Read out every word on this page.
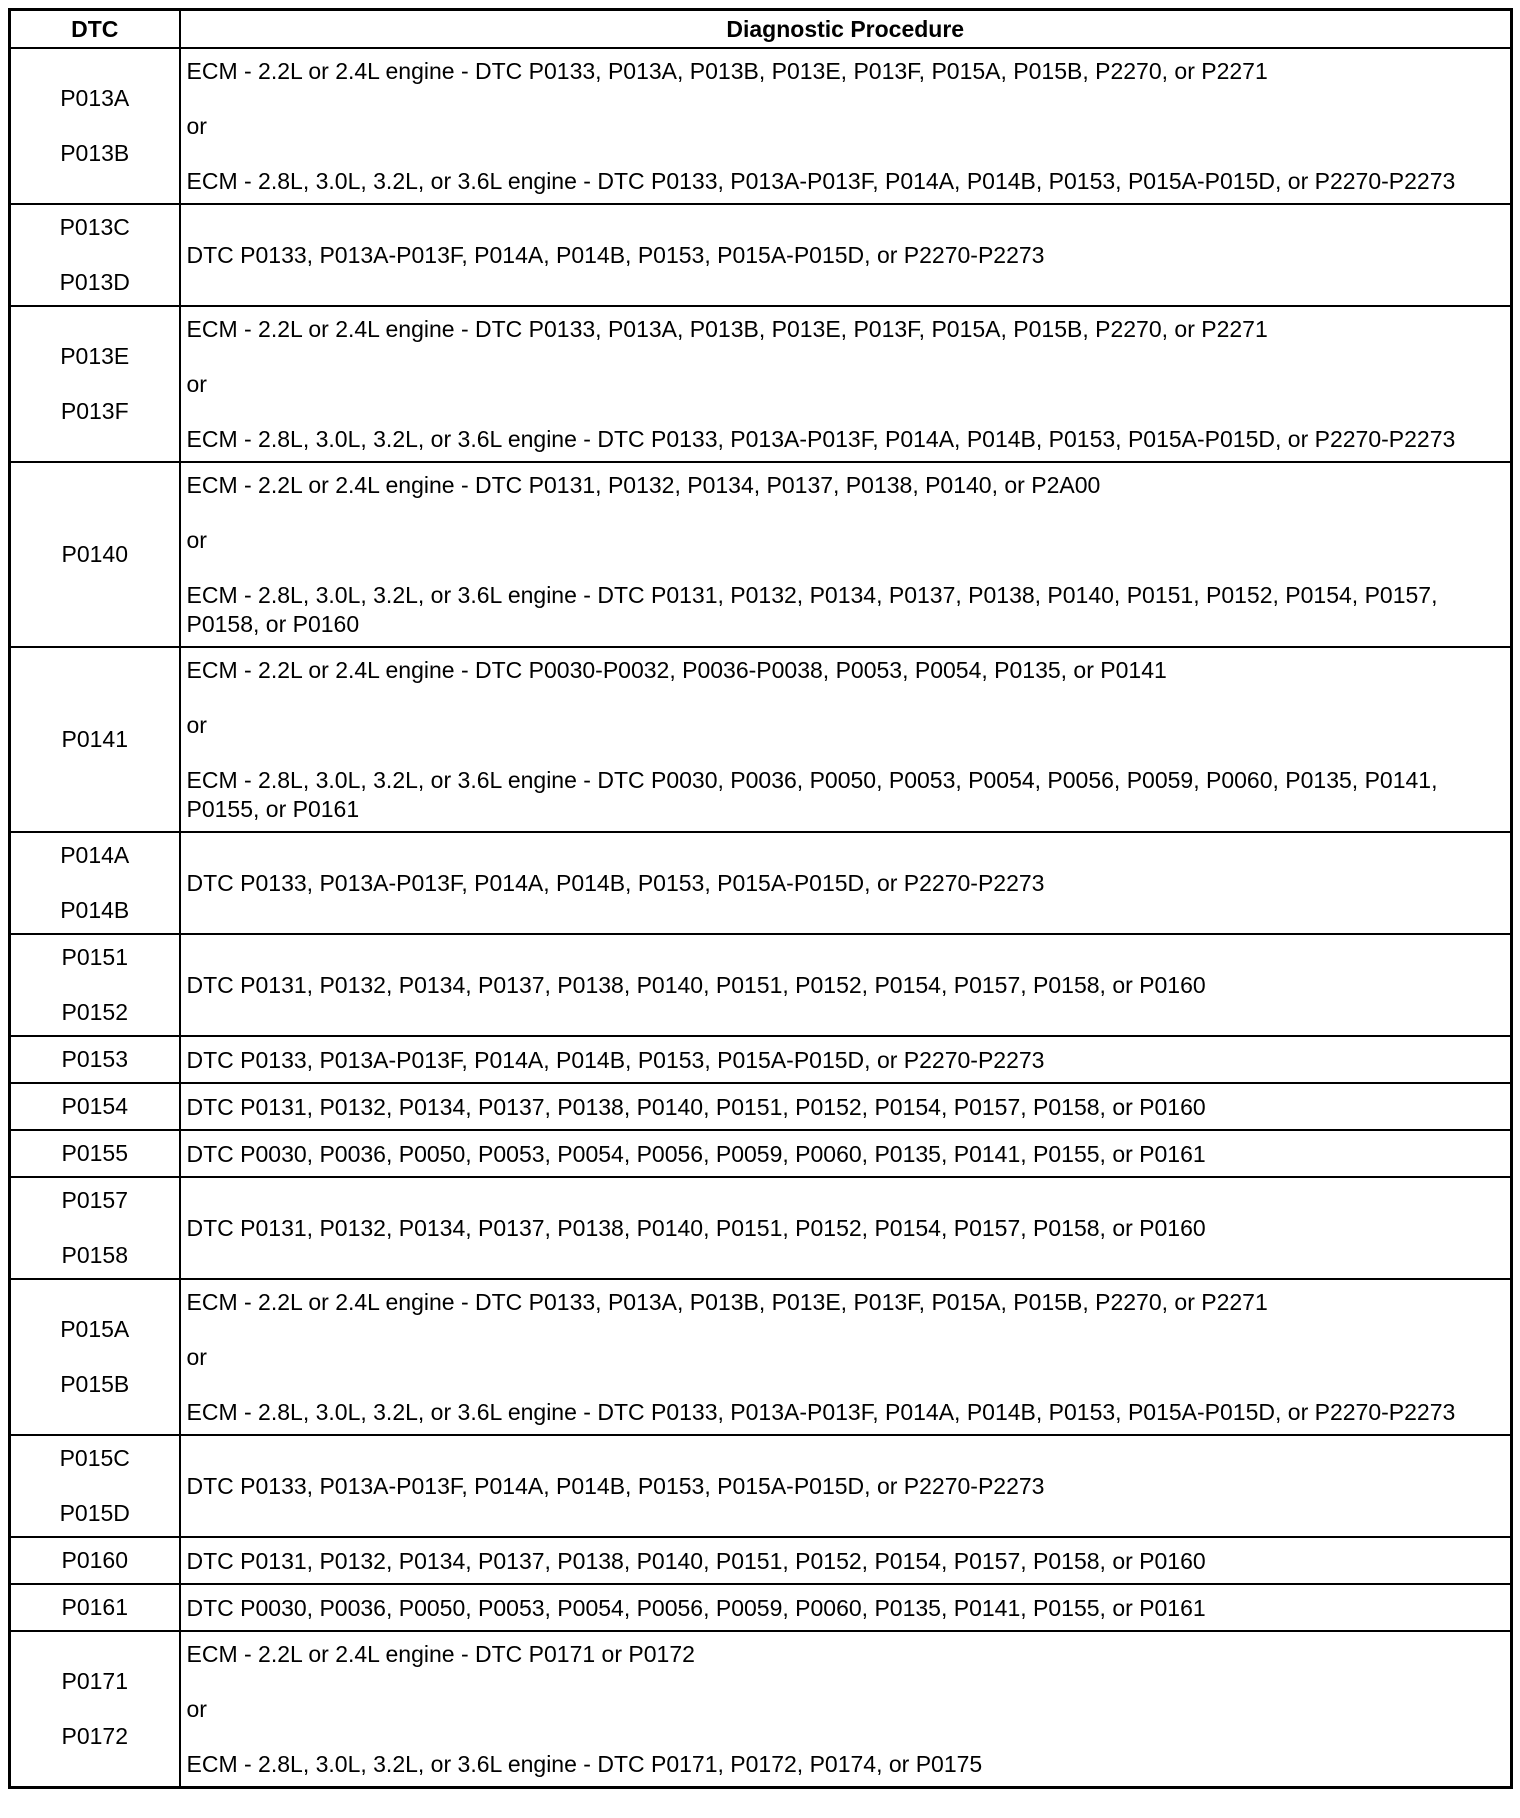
DTC	Diagnostic Procedure

P013A
P013B	ECM - 2.2L or 2.4L engine - DTC P0133, P013A, P013B, P013E, P013F, P015A, P015B, P2270, or P2271
or
ECM - 2.8L, 3.0L, 3.2L, or 3.6L engine - DTC P0133, P013A-P013F, P014A, P014B, P0153, P015A-P015D, or P2270-P2273

P013C
P013D	DTC P0133, P013A-P013F, P014A, P014B, P0153, P015A-P015D, or P2270-P2273

P013E
P013F	ECM - 2.2L or 2.4L engine - DTC P0133, P013A, P013B, P013E, P013F, P015A, P015B, P2270, or P2271
or
ECM - 2.8L, 3.0L, 3.2L, or 3.6L engine - DTC P0133, P013A-P013F, P014A, P014B, P0153, P015A-P015D, or P2270-P2273

P0140	ECM - 2.2L or 2.4L engine - DTC P0131, P0132, P0134, P0137, P0138, P0140, or P2A00
or
ECM - 2.8L, 3.0L, 3.2L, or 3.6L engine - DTC P0131, P0132, P0134, P0137, P0138, P0140, P0151, P0152, P0154, P0157, P0158, or P0160

P0141	ECM - 2.2L or 2.4L engine - DTC P0030-P0032, P0036-P0038, P0053, P0054, P0135, or P0141
or
ECM - 2.8L, 3.0L, 3.2L, or 3.6L engine - DTC P0030, P0036, P0050, P0053, P0054, P0056, P0059, P0060, P0135, P0141, P0155, or P0161

P014A
P014B	DTC P0133, P013A-P013F, P014A, P014B, P0153, P015A-P015D, or P2270-P2273

P0151
P0152	DTC P0131, P0132, P0134, P0137, P0138, P0140, P0151, P0152, P0154, P0157, P0158, or P0160

P0153	DTC P0133, P013A-P013F, P014A, P014B, P0153, P015A-P015D, or P2270-P2273

P0154	DTC P0131, P0132, P0134, P0137, P0138, P0140, P0151, P0152, P0154, P0157, P0158, or P0160

P0155	DTC P0030, P0036, P0050, P0053, P0054, P0056, P0059, P0060, P0135, P0141, P0155, or P0161

P0157
P0158	DTC P0131, P0132, P0134, P0137, P0138, P0140, P0151, P0152, P0154, P0157, P0158, or P0160

P015A
P015B	ECM - 2.2L or 2.4L engine - DTC P0133, P013A, P013B, P013E, P013F, P015A, P015B, P2270, or P2271
or
ECM - 2.8L, 3.0L, 3.2L, or 3.6L engine - DTC P0133, P013A-P013F, P014A, P014B, P0153, P015A-P015D, or P2270-P2273

P015C
P015D	DTC P0133, P013A-P013F, P014A, P014B, P0153, P015A-P015D, or P2270-P2273

P0160	DTC P0131, P0132, P0134, P0137, P0138, P0140, P0151, P0152, P0154, P0157, P0158, or P0160

P0161	DTC P0030, P0036, P0050, P0053, P0054, P0056, P0059, P0060, P0135, P0141, P0155, or P0161

P0171
P0172	ECM - 2.2L or 2.4L engine - DTC P0171 or P0172
or
ECM - 2.8L, 3.0L, 3.2L, or 3.6L engine - DTC P0171, P0172, P0174, or P0175
